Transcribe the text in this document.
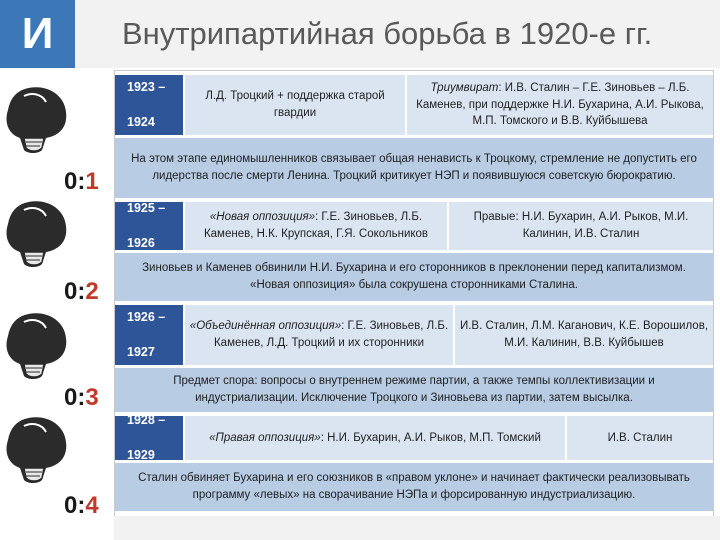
И Внутрипартийная борьба в 1920-е гг.
0:1
0:2
0:3
0:4
1923 –

1924
Л.Д. Троцкий + поддержка старой гвардии
Триумвират: И.В. Сталин – Г.Е. Зиновьев – Л.Б. Каменев, при поддержке Н.И. Бухарина, А.И. Рыкова, М.П. Томского и В.В. Куйбышева
На этом этапе единомышленников связывает общая ненависть к Троцкому, стремление не допустить его лидерства после смерти Ленина. Троцкий критикует НЭП и появившуюся советскую бюрократию.
1925 –

1926
«Новая оппозиция»: Г.Е. Зиновьев, Л.Б. Каменев, Н.К. Крупская, Г.Я. Сокольников
Правые: Н.И. Бухарин, А.И. Рыков, М.И. Калинин, И.В. Сталин
Зиновьев и Каменев обвинили Н.И. Бухарина и его сторонников в преклонении перед капитализмом. «Новая оппозиция» была сокрушена сторонниками Сталина.
1926 –

1927
«Объединённая оппозиция»: Г.Е. Зиновьев, Л.Б. Каменев, Л.Д. Троцкий и их сторонники
И.В. Сталин, Л.М. Каганович, К.Е. Ворошилов, М.И. Калинин, В.В. Куйбышев
Предмет спора: вопросы о внутреннем режиме партии, а также темпы коллективизации и индустриализации. Исключение Троцкого и Зиновьева из партии, затем высылка.
1928 –

1929
«Правая оппозиция»: Н.И. Бухарин, А.И. Рыков, М.П. Томский	И.В. Сталин
Сталин обвиняет Бухарина и его союзников в «правом уклоне» и начинает фактически реализовывать программу «левых» на сворачивание НЭПа и форсированную индустриализацию.
